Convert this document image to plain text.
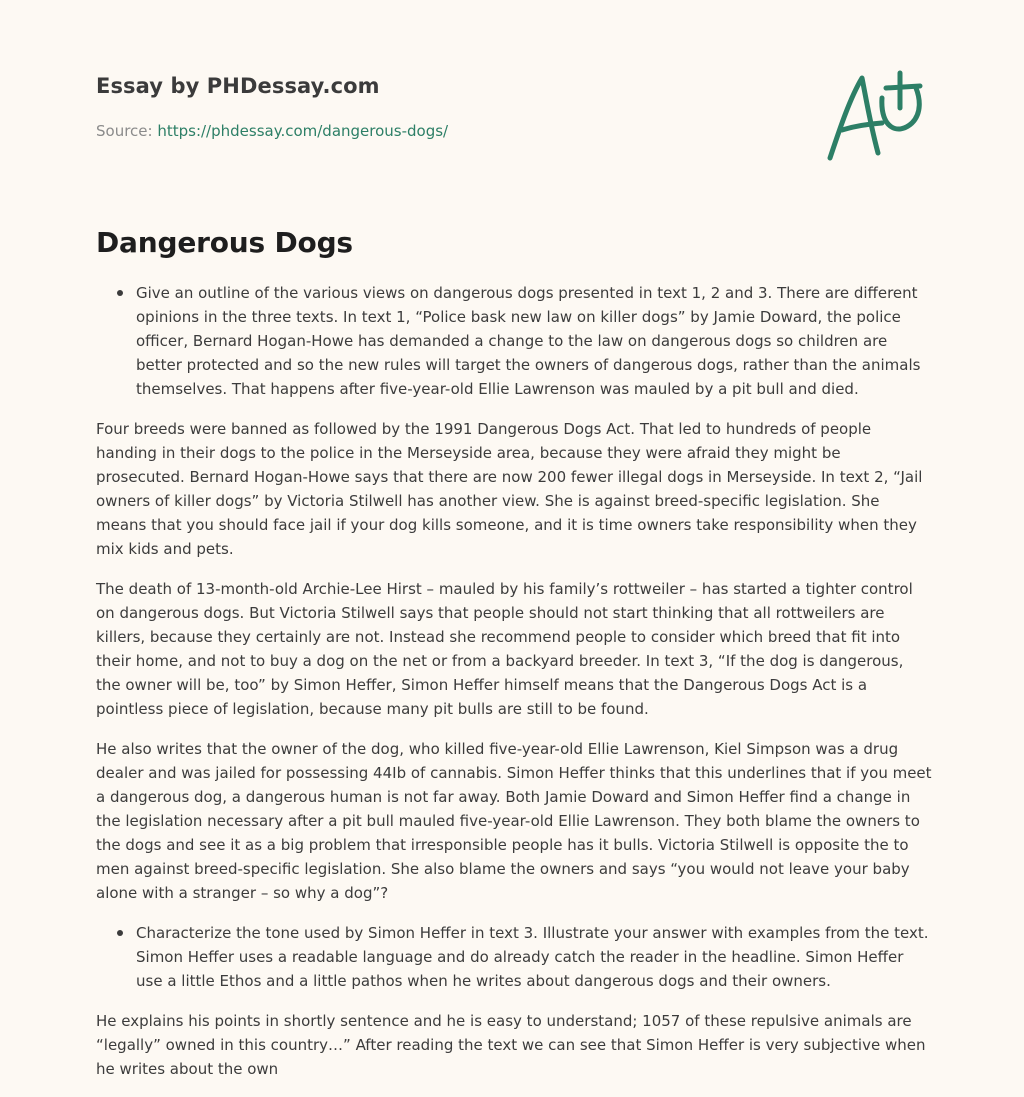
Essay by PHDessay.com

Source: https://phdessay.com/dangerous-dogs/
Dangerous Dogs
Give an outline of the various views on dangerous dogs presented in text 1, 2 and 3. There are different opinions in the three texts. In text 1, “Police bask new law on killer dogs” by Jamie Doward, the police officer, Bernard Hogan-Howe has demanded a change to the law on dangerous dogs so children are better protected and so the new rules will target the owners of dangerous dogs, rather than the animals themselves. That happens after five-year-old Ellie Lawrenson was mauled by a pit bull and died.

Four breeds were banned as followed by the 1991 Dangerous Dogs Act. That led to hundreds of people handing in their dogs to the police in the Merseyside area, because they were afraid they might be prosecuted. Bernard Hogan-Howe says that there are now 200 fewer illegal dogs in Merseyside. In text 2, “Jail owners of killer dogs” by Victoria Stilwell has another view. She is against breed-specific legislation. She means that you should face jail if your dog kills someone, and it is time owners take responsibility when they mix kids and pets.

The death of 13-month-old Archie-Lee Hirst – mauled by his family’s rottweiler – has started a tighter control on dangerous dogs. But Victoria Stilwell says that people should not start thinking that all rottweilers are killers, because they certainly are not. Instead she recommend people to consider which breed that fit into their home, and not to buy a dog on the net or from a backyard breeder. In text 3, “If the dog is dangerous, the owner will be, too” by Simon Heffer, Simon Heffer himself means that the Dangerous Dogs Act is a pointless piece of legislation, because many pit bulls are still to be found.

He also writes that the owner of the dog, who killed five-year-old Ellie Lawrenson, Kiel Simpson was a drug dealer and was jailed for possessing 44Ib of cannabis. Simon Heffer thinks that this underlines that if you meet a dangerous dog, a dangerous human is not far away. Both Jamie Doward and Simon Heffer find a change in the legislation necessary after a pit bull mauled five-year-old Ellie Lawrenson. They both blame the owners to the dogs and see it as a big problem that irresponsible people has it bulls. Victoria Stilwell is opposite the to men against breed-specific legislation. She also blame the owners and says “you would not leave your baby alone with a stranger – so why a dog”?

Characterize the tone used by Simon Heffer in text 3. Illustrate your answer with examples from the text. Simon Heffer uses a readable language and do already catch the reader in the headline. Simon Heffer use a little Ethos and a little pathos when he writes about dangerous dogs and their owners.

He explains his points in shortly sentence and he is easy to understand; 1057 of these repulsive animals are “legally” owned in this country…” After reading the text we can see that Simon Heffer is very subjective when he writes about the own
